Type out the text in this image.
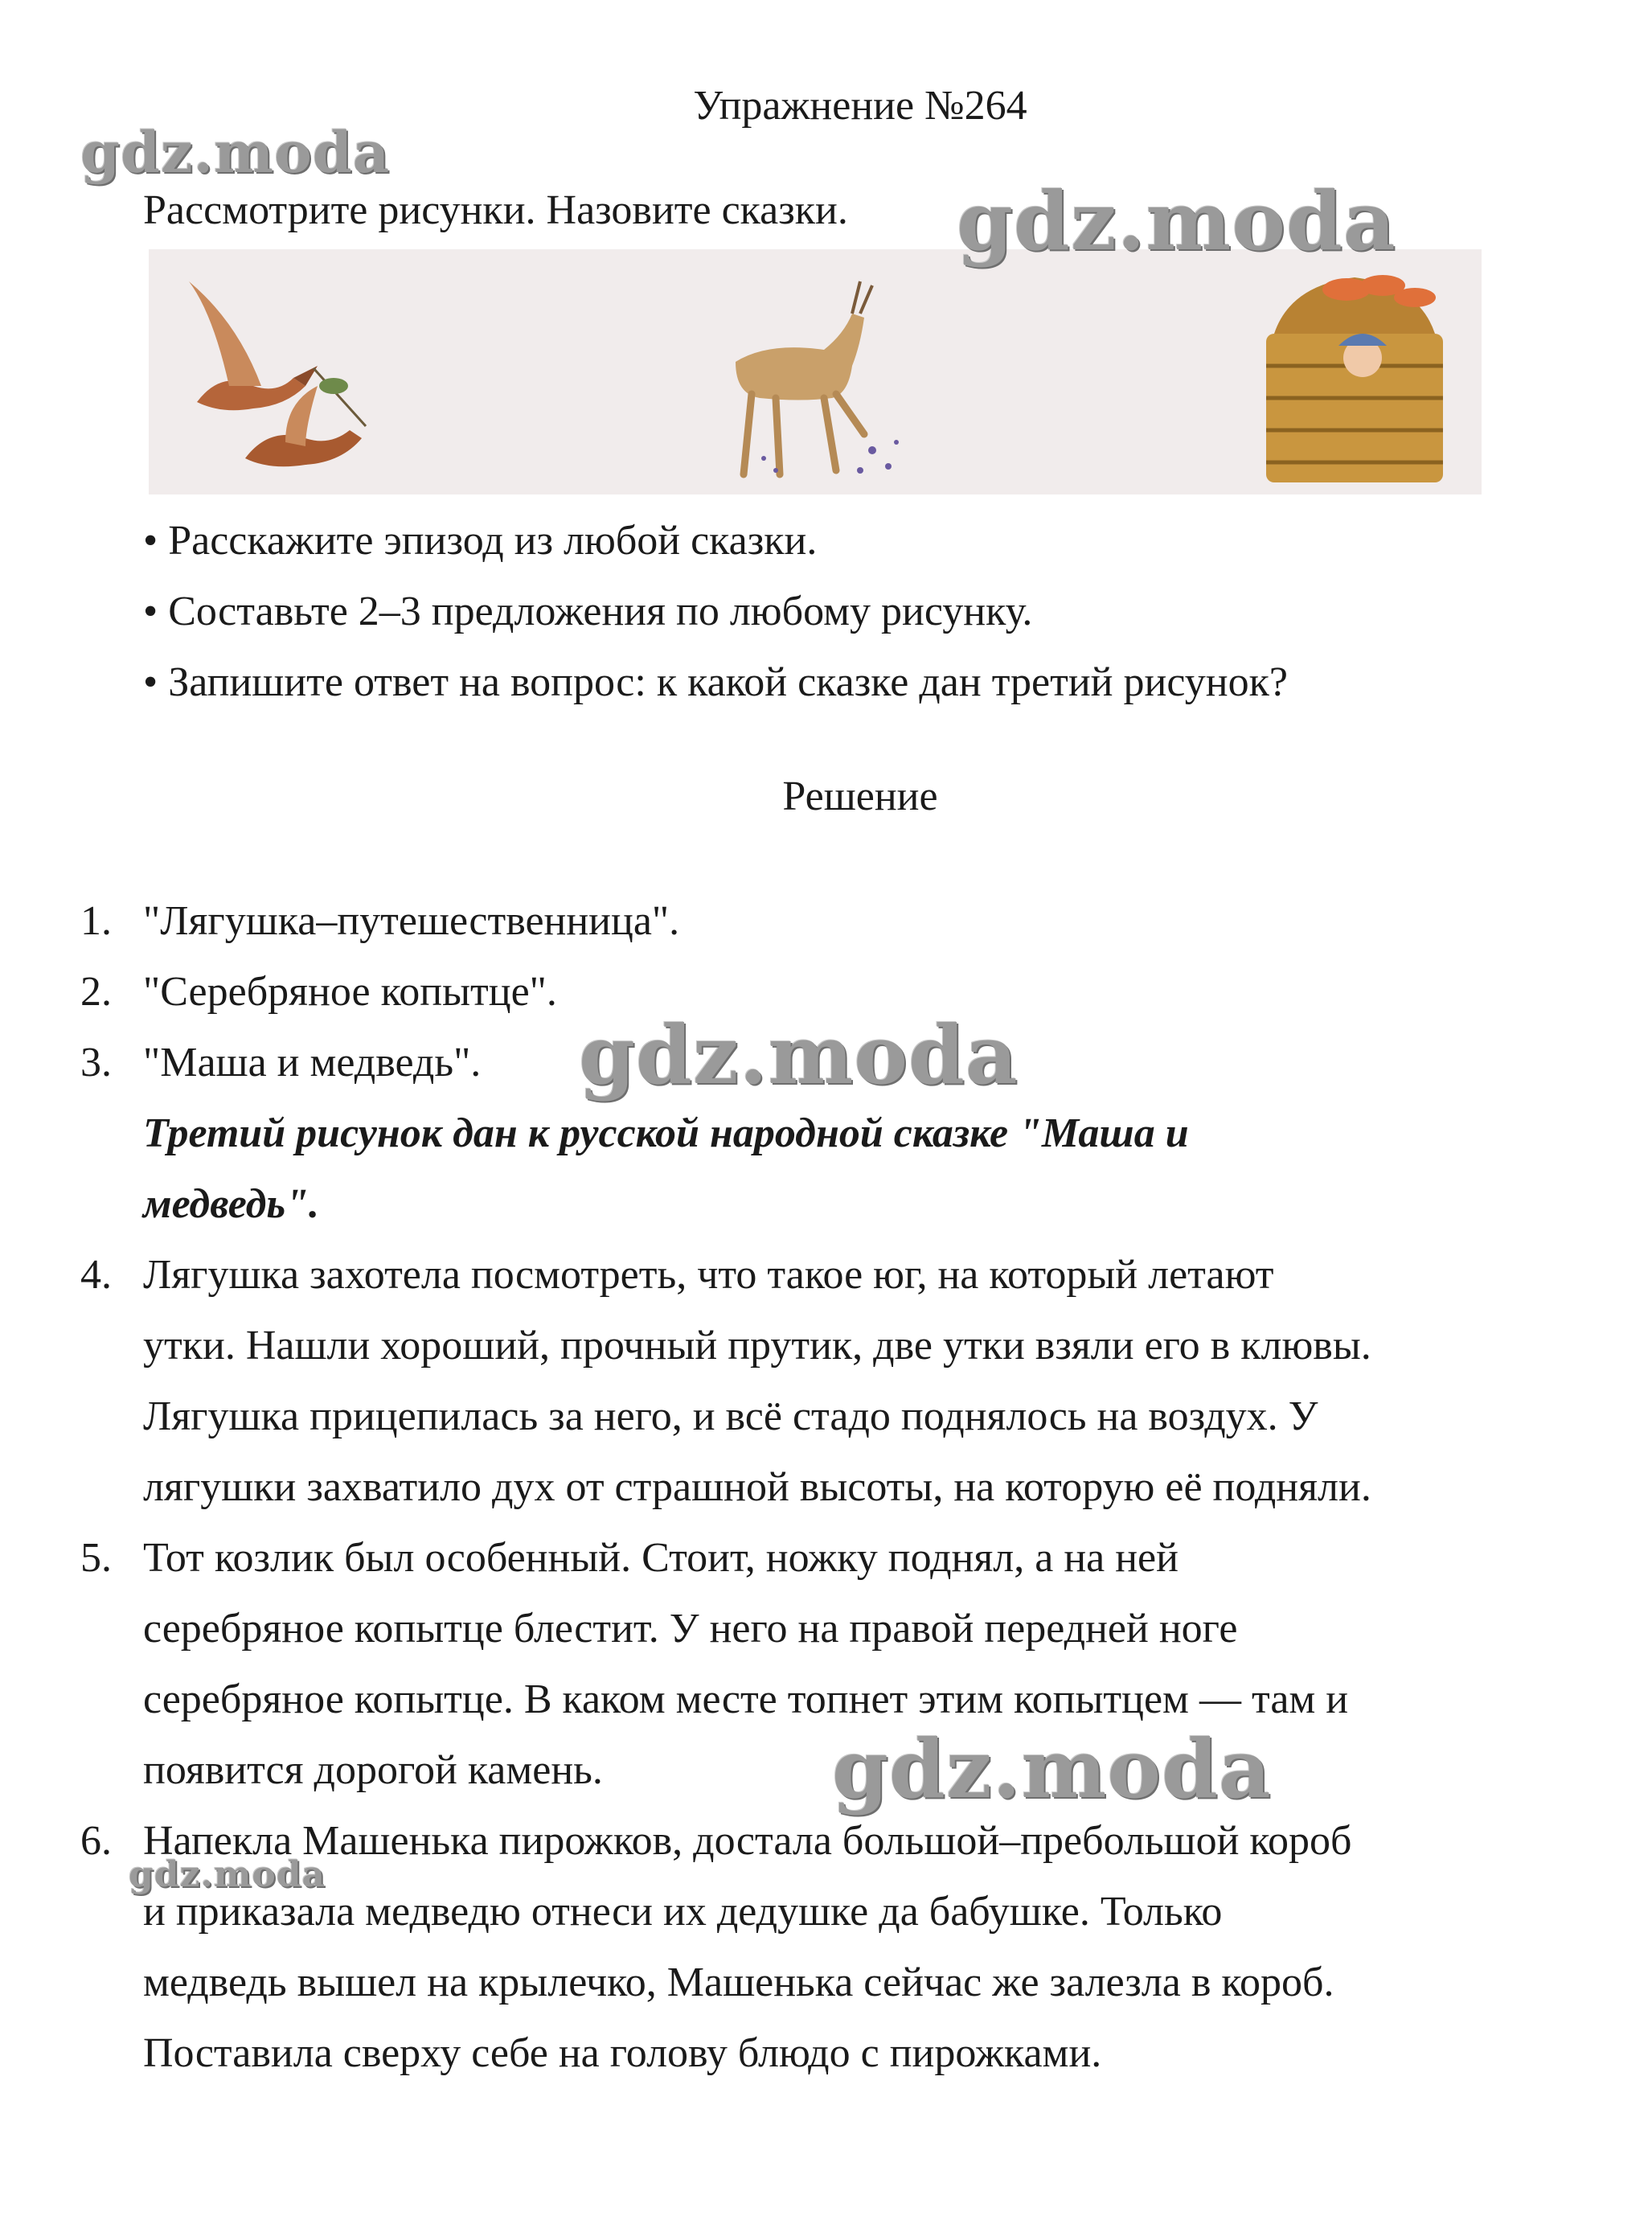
Упражнение №264
Рассмотрите рисунки. Назовите сказки.
• Расскажите эпизод из любой сказки.
• Составьте 2–3 предложения по любому рисунку.
• Запишите ответ на вопрос: к какой сказке дан третий рисунок?
Решение
1. "Лягушка–путешественница".
2. "Серебряное копытце".
3. "Маша и медведь".
Третий рисунок дан к русской народной сказке "Маша и
медведь".
4. Лягушка захотела посмотреть, что такое юг, на который летают
утки. Нашли хороший, прочный прутик, две утки взяли его в клювы.
Лягушка прицепилась за него, и всё стадо поднялось на воздух. У
лягушки захватило дух от страшной высоты, на которую её подняли.
5. Тот козлик был особенный. Стоит, ножку поднял, а на ней
серебряное копытце блестит. У него на правой передней ноге
серебряное копытце. В каком месте топнет этим копытцем — там и
появится дорогой камень.
6. Напекла Машенька пирожков, достала большой–пребольшой короб
и приказала медведю отнеси их дедушке да бабушке. Только
медведь вышел на крылечко, Машенька сейчас же залезла в короб.
Поставила сверху себе на голову блюдо с пирожками.
gdz.moda
gdz.moda
gdz.moda
gdz.moda
gdz.moda
